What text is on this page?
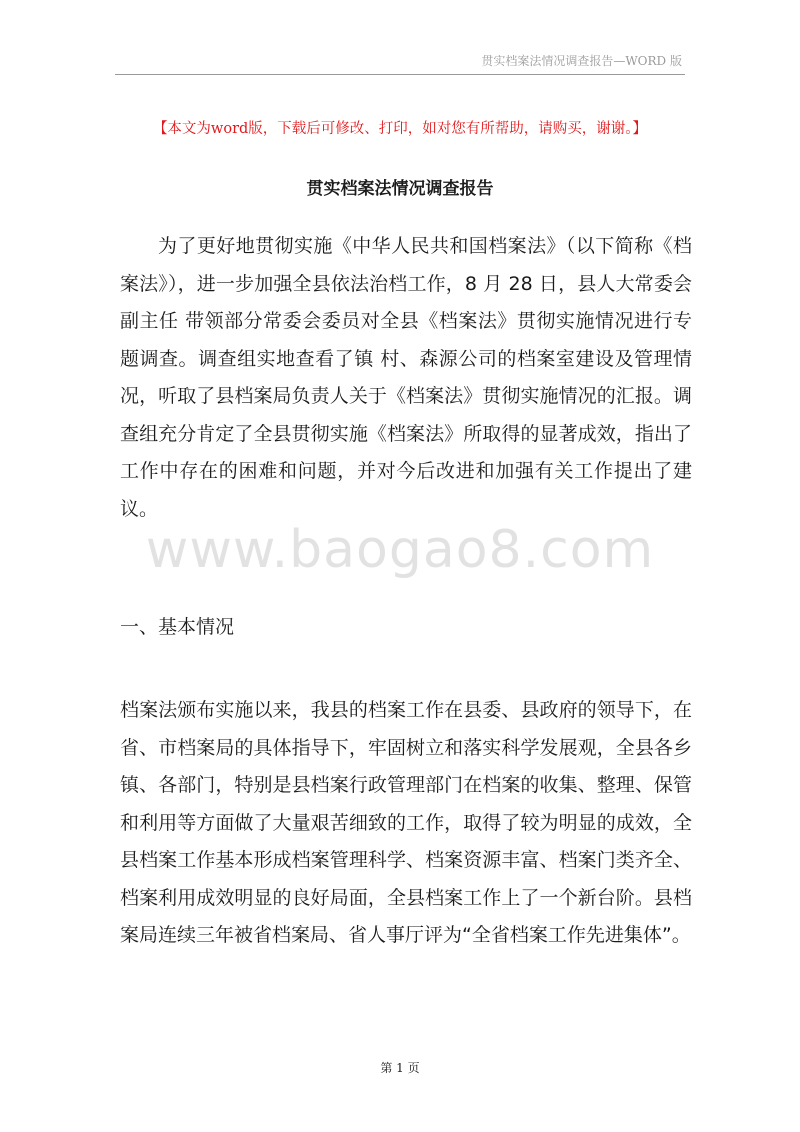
贯实档案法情况调查报告—WORD 版
【本文为word版，下载后可修改、打印，如对您有所帮助，请购买，谢谢。】
贯实档案法情况调查报告

为了更好地贯彻实施《中华人民共和国档案法》（以下简称《档案法》），进一步加强全县依法治档工作，8 月 28 日，县人大常委会副主任 带领部分常委会委员对全县《档案法》贯彻实施情况进行专题调查。调查组实地查看了镇 村、森源公司的档案室建设及管理情况，听取了县档案局负责人关于《档案法》贯彻实施情况的汇报。调查组充分肯定了全县贯彻实施《档案法》所取得的显著成效，指出了工作中存在的困难和问题，并对今后改进和加强有关工作提出了建议。

www.baogao8.com
一、基本情况

档案法颁布实施以来，我县的档案工作在县委、县政府的领导下，在省、市档案局的具体指导下，牢固树立和落实科学发展观，全县各乡镇、各部门，特别是县档案行政管理部门在档案的收集、整理、保管和利用等方面做了大量艰苦细致的工作，取得了较为明显的成效，全县档案工作基本形成档案管理科学、档案资源丰富、档案门类齐全、档案利用成效明显的良好局面，全县档案工作上了一个新台阶。县档案局连续三年被省档案局、省人事厅评为“全省档案工作先进集体”。

第 1 页
